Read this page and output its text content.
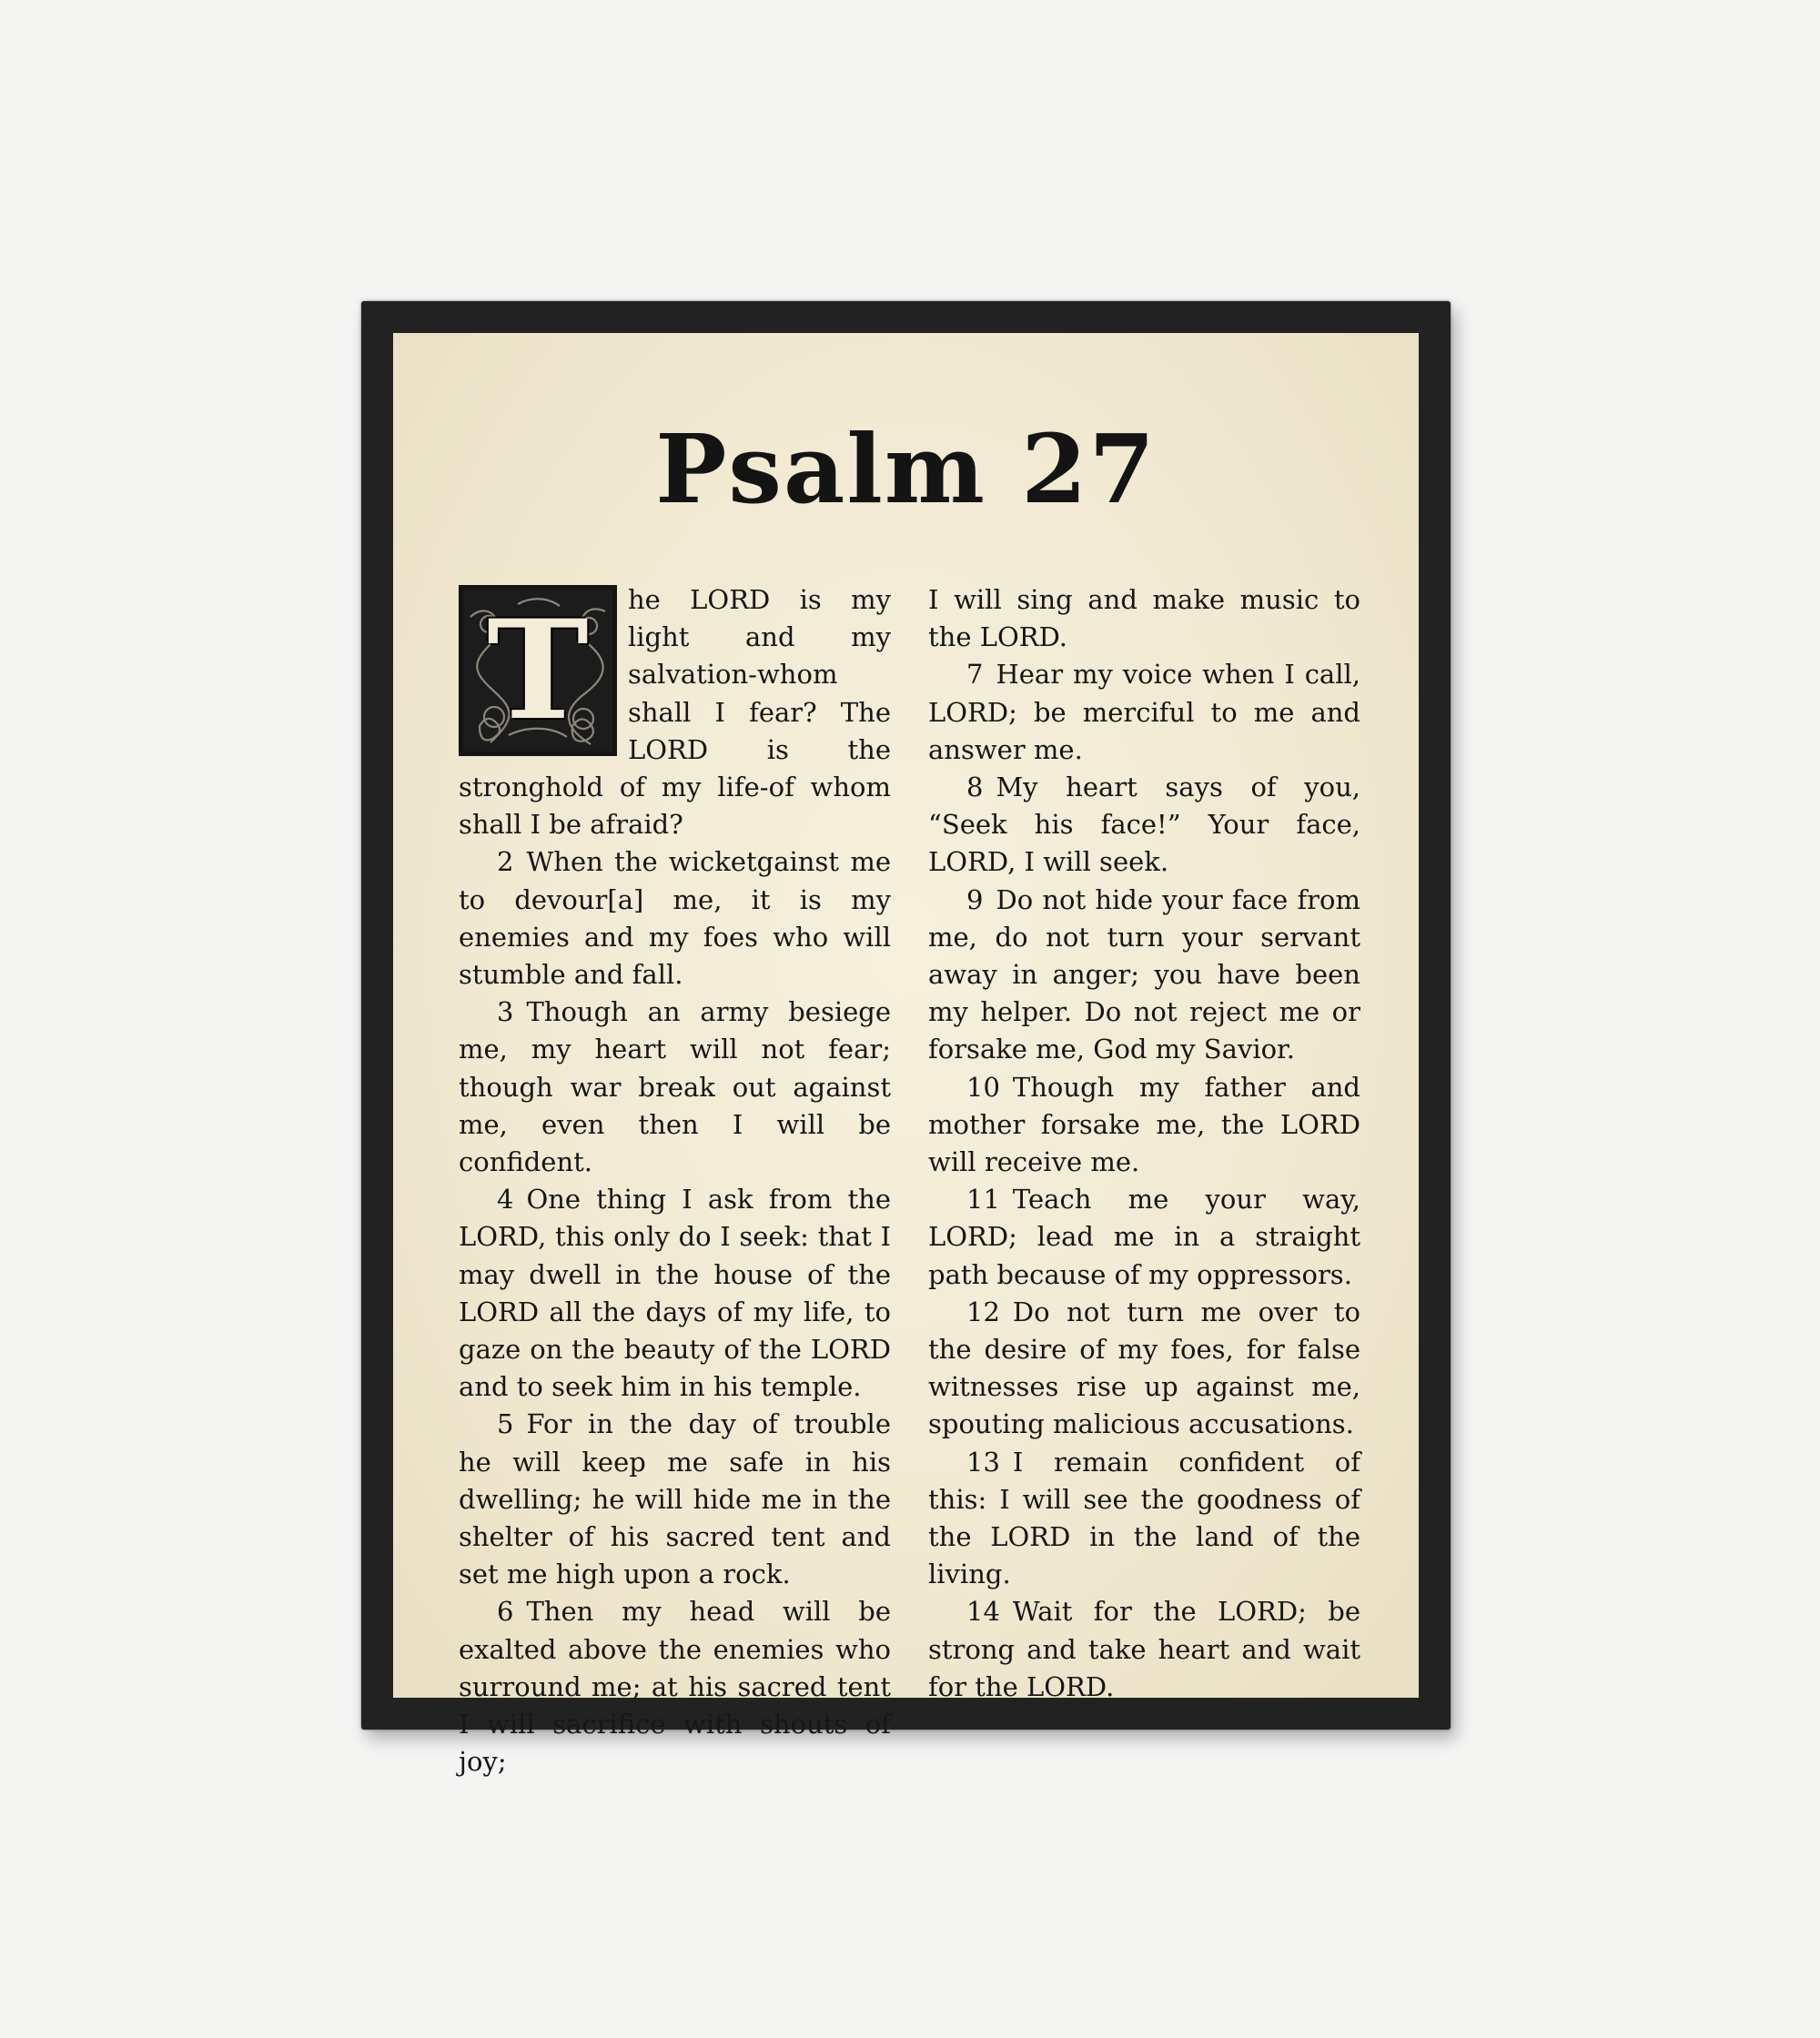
Psalm 27

T	he LORD is my light and my salvation-whom shall I fear? The LORD is the stronghold of my life-of whom shall I be afraid?

2 When the wicketgainst me to devour[a] me, it is my enemies and my foes who will stumble and fall.

3 Though an army besiege me, my heart will not fear; though war break out against me, even then I will be confident.

4 One thing I ask from the LORD, this only do I seek: that I may dwell in the house of the LORD all the days of my life, to gaze on the beauty of the LORD and to seek him in his temple.

5 For in the day of trouble he will keep me safe in his dwelling; he will hide me in the shelter of his sacred tent and set me high upon a rock.

6 Then my head will be exalted above the enemies who surround me; at his sacred tent I will sacrifice with shouts of joy;

I will sing and make music to the LORD.

7 Hear my voice when I call, LORD; be merciful to me and answer me.

8 My heart says of you, “Seek his face!” Your face, LORD, I will seek.

9 Do not hide your face from me, do not turn your servant away in anger; you have been my helper. Do not reject me or forsake me, God my Savior.

10 Though my father and mother forsake me, the LORD will receive me.

11 Teach me your way, LORD; lead me in a straight path because of my oppressors.

12 Do not turn me over to the desire of my foes, for false witnesses rise up against me, spouting malicious accusations.

13 I remain confident of this: I will see the goodness of the LORD in the land of the living.

14 Wait for the LORD; be strong and take heart and wait for the LORD.
